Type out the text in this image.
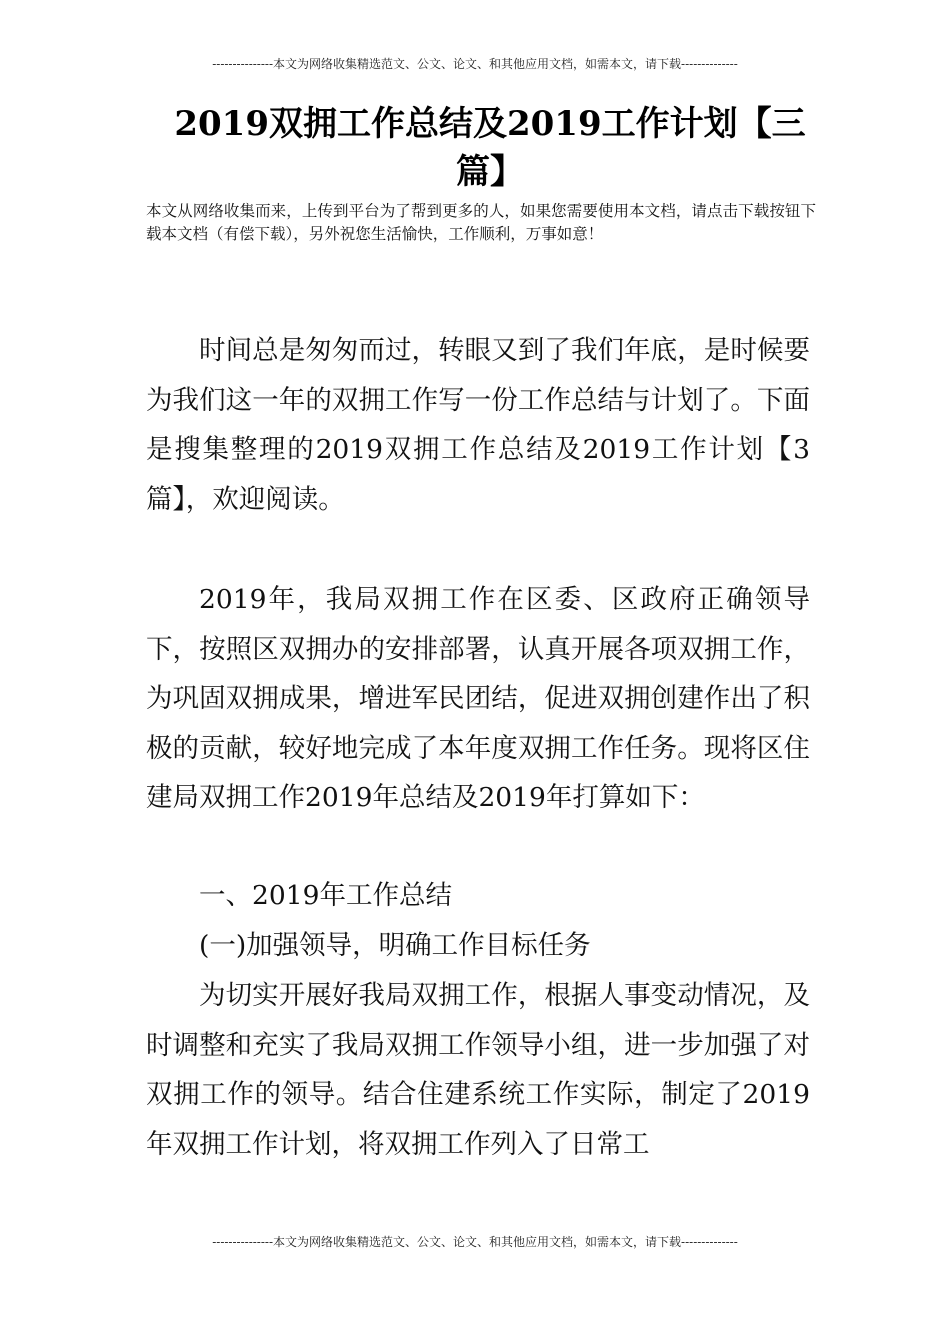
---------------本文为网络收集精选范文、公文、论文、和其他应用文档，如需本文，请下载--------------
2019双拥工作总结及2019工作计划【三篇】
本文从网络收集而来，上传到平台为了帮到更多的人，如果您需要使用本文档，请点击下载按钮下载本文档（有偿下载），另外祝您生活愉快，工作顺利，万事如意！

时间总是匆匆而过，转眼又到了我们年底，是时候要为我们这一年的双拥工作写一份工作总结与计划了。下面是搜集整理的2019双拥工作总结及2019工作计划【3篇】，欢迎阅读。

2019年，我局双拥工作在区委、区政府正确领导下，按照区双拥办的安排部署，认真开展各项双拥工作，为巩固双拥成果，增进军民团结，促进双拥创建作出了积极的贡献，较好地完成了本年度双拥工作任务。现将区住建局双拥工作2019年总结及2019年打算如下：

一、2019年工作总结

(一)加强领导，明确工作目标任务

为切实开展好我局双拥工作，根据人事变动情况，及时调整和充实了我局双拥工作领导小组，进一步加强了对双拥工作的领导。结合住建系统工作实际，制定了2019年双拥工作计划，将双拥工作列入了日常工

---------------本文为网络收集精选范文、公文、论文、和其他应用文档，如需本文，请下载--------------
